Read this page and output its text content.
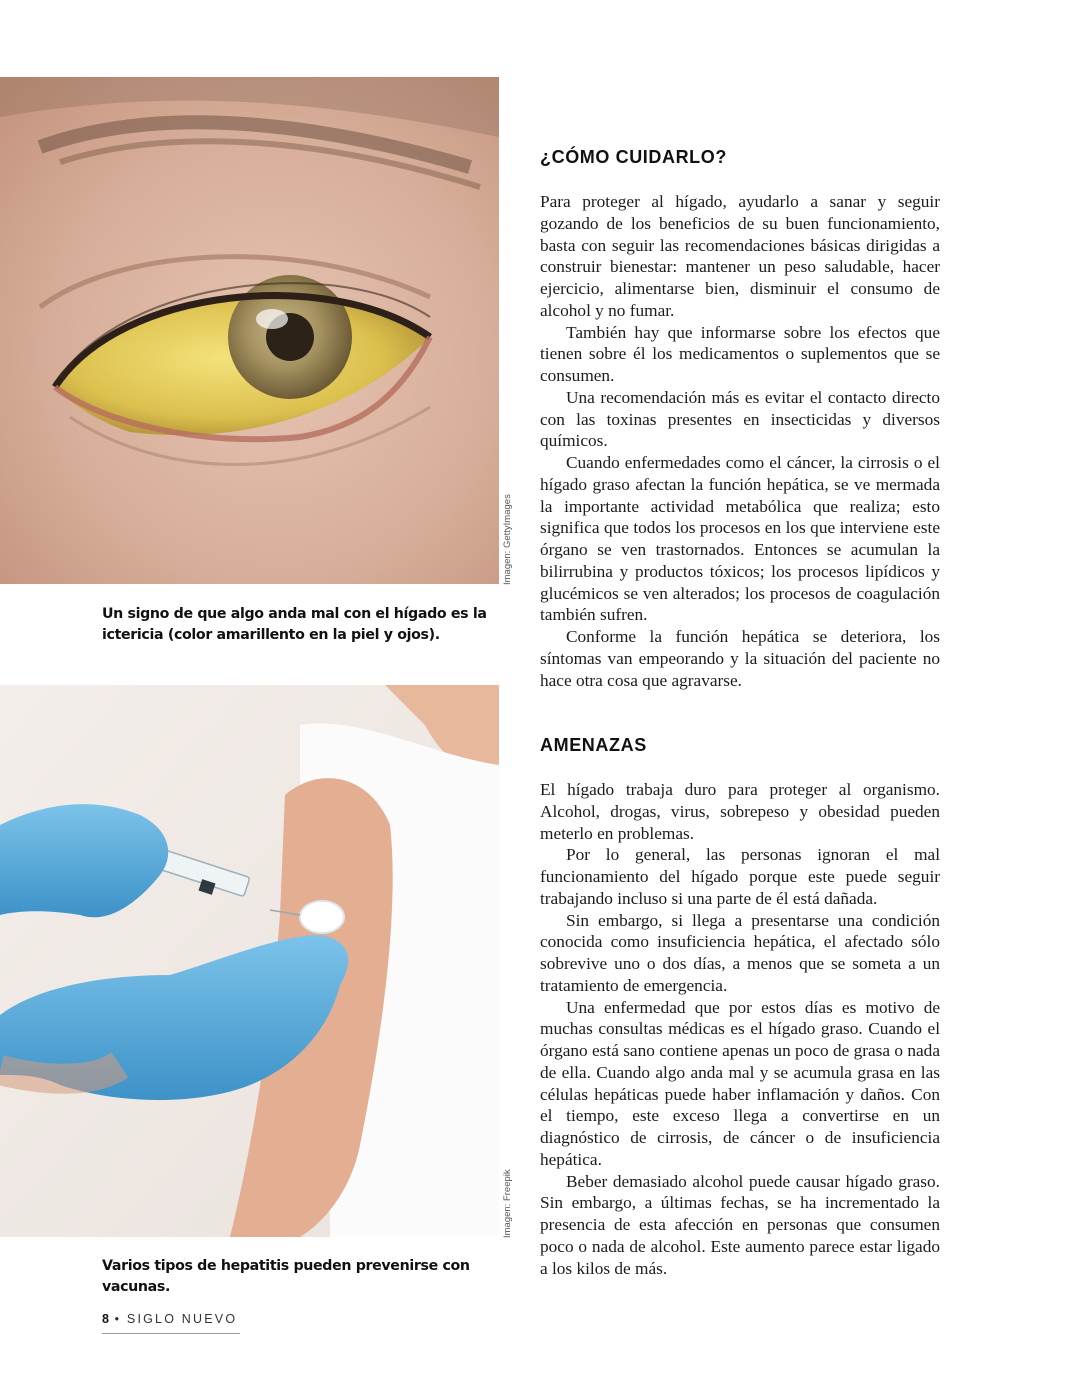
Imagen: GettyImages
Un signo de que algo anda mal con el hígado es la ictericia (color amarillento en la piel y ojos).
Imagen: Freepik
Varios tipos de hepatitis pueden prevenirse con vacunas.
¿CÓMO CUIDARLO?

Para proteger al hígado, ayudarlo a sanar y seguir gozando de los beneficios de su buen funcionamiento, basta con seguir las recomendaciones básicas dirigidas a construir bienestar: mantener un peso saludable, hacer ejercicio, alimentarse bien, disminuir el consumo de alcohol y no fumar.

También hay que informarse sobre los efectos que tienen sobre él los medicamentos o suplementos que se consumen.

Una recomendación más es evitar el contacto directo con las toxinas presentes en insecticidas y diversos químicos.

Cuando enfermedades como el cáncer, la cirrosis o el hígado graso afectan la función hepática, se ve mermada la importante actividad metabólica que realiza; esto significa que todos los procesos en los que interviene este órgano se ven trastornados. Entonces se acumulan la bilirrubina y productos tóxicos; los procesos lipídicos y glucémicos se ven alterados; los procesos de coagulación también sufren.

Conforme la función hepática se deteriora, los síntomas van empeorando y la situación del paciente no hace otra cosa que agravarse.

AMENAZAS

El hígado trabaja duro para proteger al organismo. Alcohol, drogas, virus, sobrepeso y obesidad pueden meterlo en problemas.

Por lo general, las personas ignoran el mal funcionamiento del hígado porque este puede seguir trabajando incluso si una parte de él está dañada.

Sin embargo, si llega a presentarse una condición conocida como insuficiencia hepática, el afectado sólo sobrevive uno o dos días, a menos que se someta a un tratamiento de emergencia.

Una enfermedad que por estos días es motivo de muchas consultas médicas es el hígado graso. Cuando el órgano está sano contiene apenas un poco de grasa o nada de ella. Cuando algo anda mal y se acumula grasa en las células hepáticas puede haber inflamación y daños. Con el tiempo, este exceso llega a convertirse en un diagnóstico de cirrosis, de cáncer o de insuficiencia hepática.

Beber demasiado alcohol puede causar hígado graso. Sin embargo, a últimas fechas, se ha incrementado la presencia de esta afección en personas que consumen poco o nada de alcohol. Este aumento parece estar ligado a los kilos de más.

8 • SIGLO NUEVO
